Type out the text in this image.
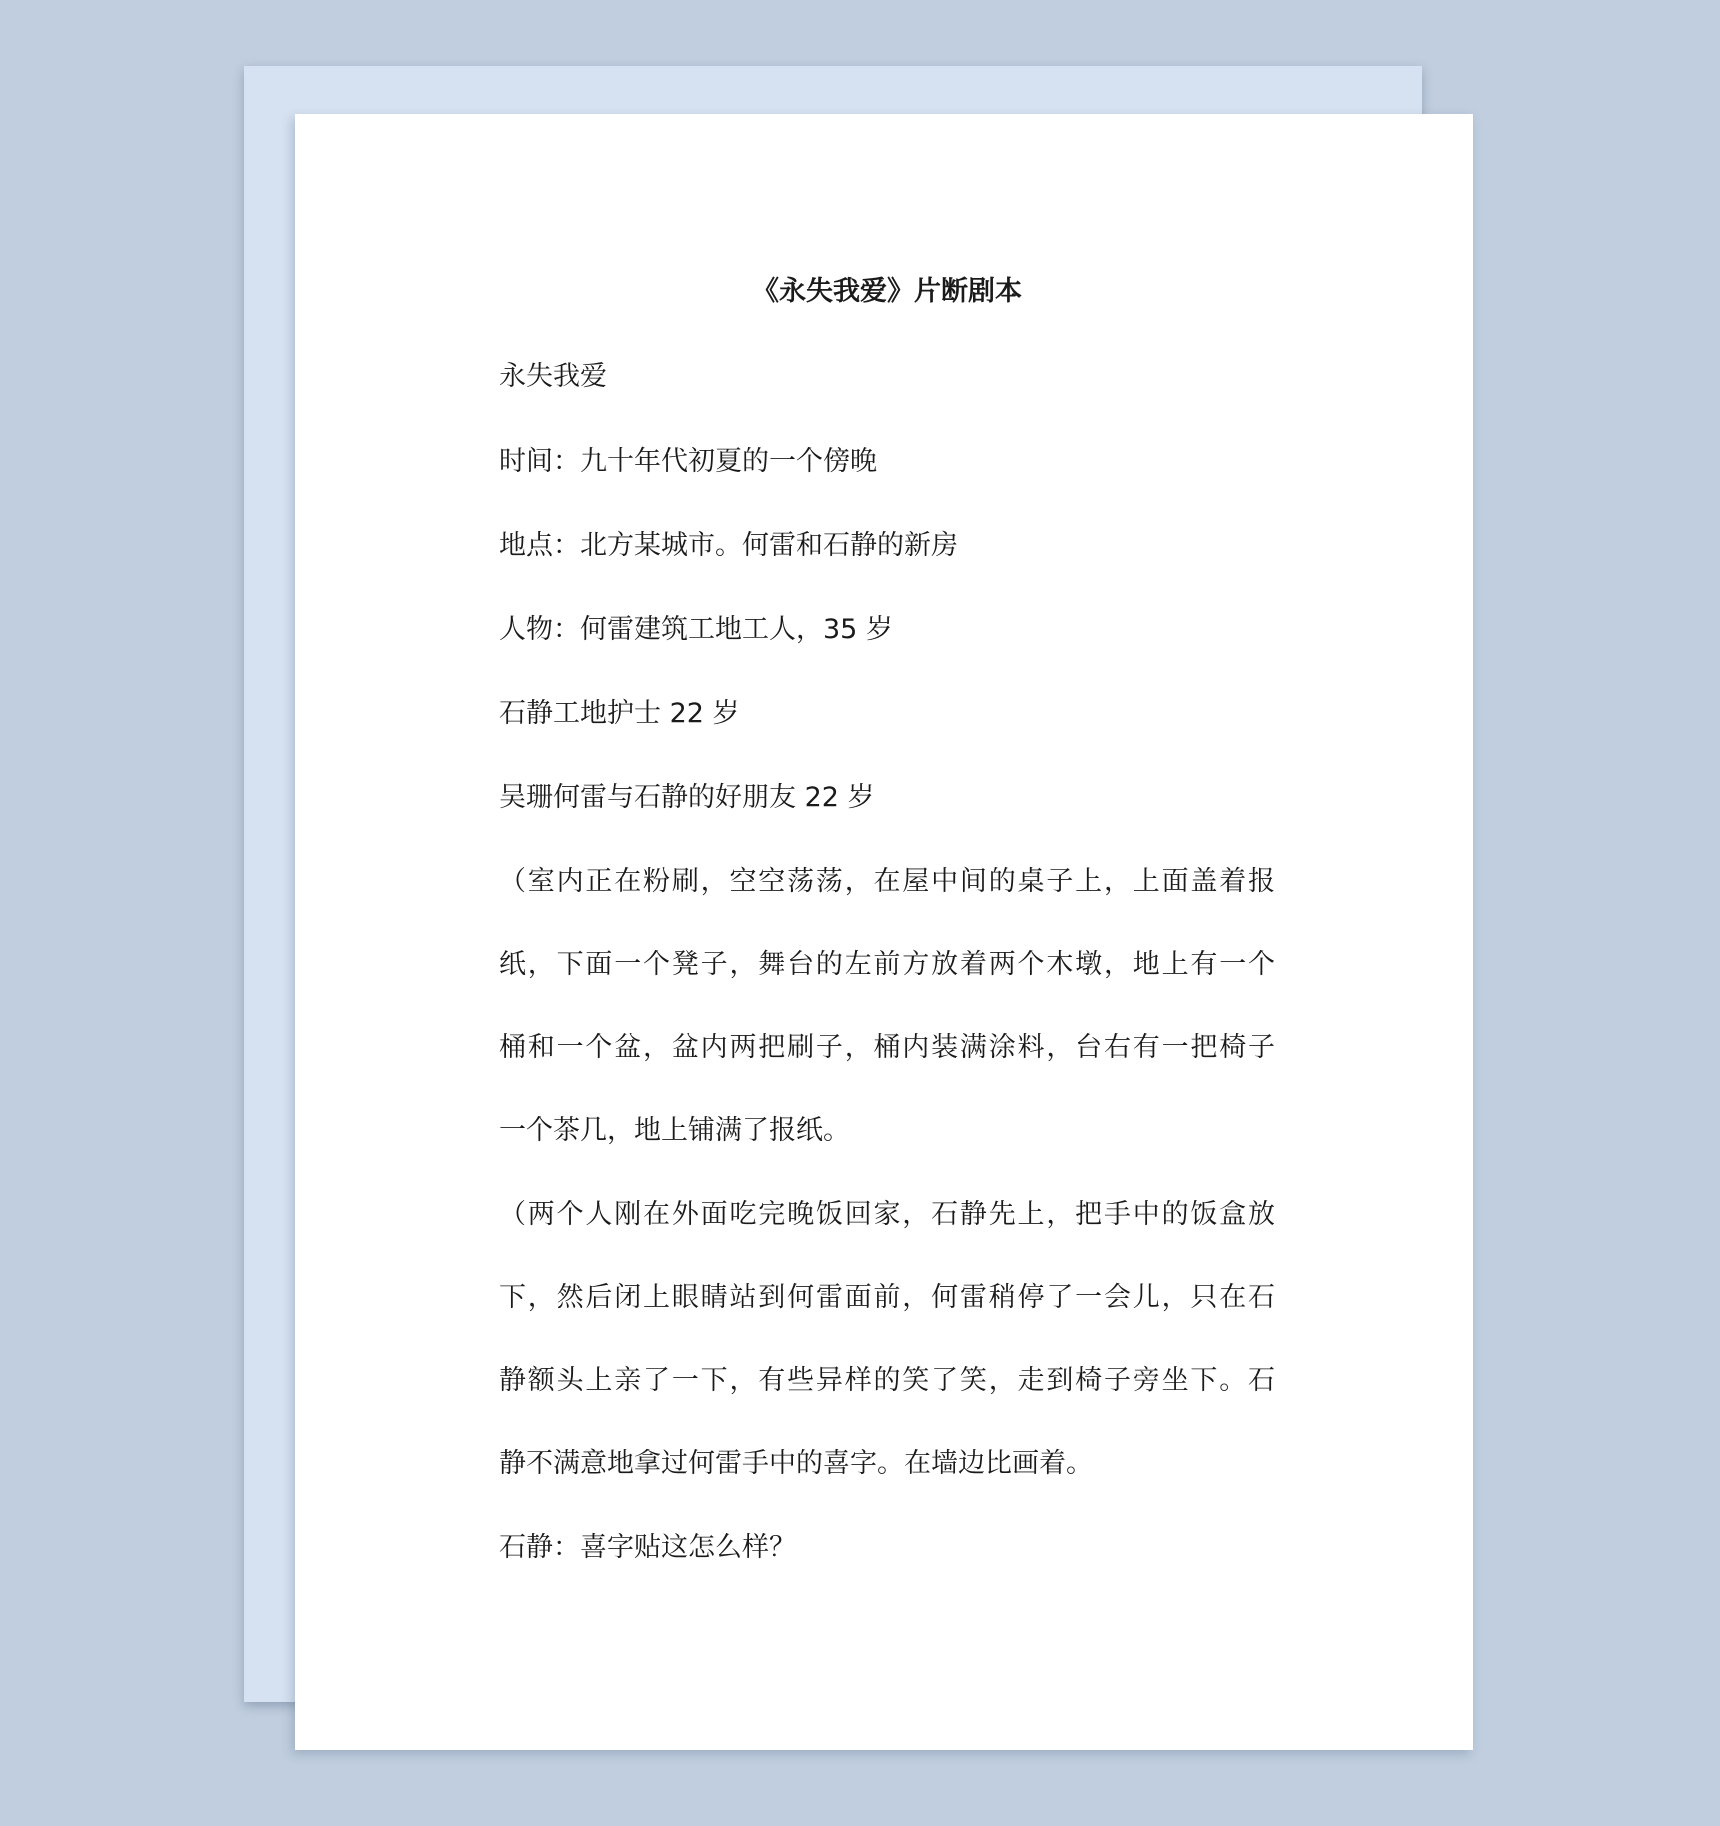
《永失我爱》片断剧本
永失我爱
时间：九十年代初夏的一个傍晚
地点：北方某城市。何雷和石静的新房
人物：何雷建筑工地工人，35 岁
石静工地护士 22 岁
吴珊何雷与石静的好朋友 22 岁
（室内正在粉刷，空空荡荡，在屋中间的桌子上，上面盖着报
纸，下面一个凳子，舞台的左前方放着两个木墩，地上有一个
桶和一个盆，盆内两把刷子，桶内装满涂料，台右有一把椅子
一个茶几，地上铺满了报纸。
（两个人刚在外面吃完晚饭回家，石静先上，把手中的饭盒放
下，然后闭上眼睛站到何雷面前，何雷稍停了一会儿，只在石
静额头上亲了一下，有些异样的笑了笑，走到椅子旁坐下。石
静不满意地拿过何雷手中的喜字。在墙边比画着。
石静：喜字贴这怎么样？
